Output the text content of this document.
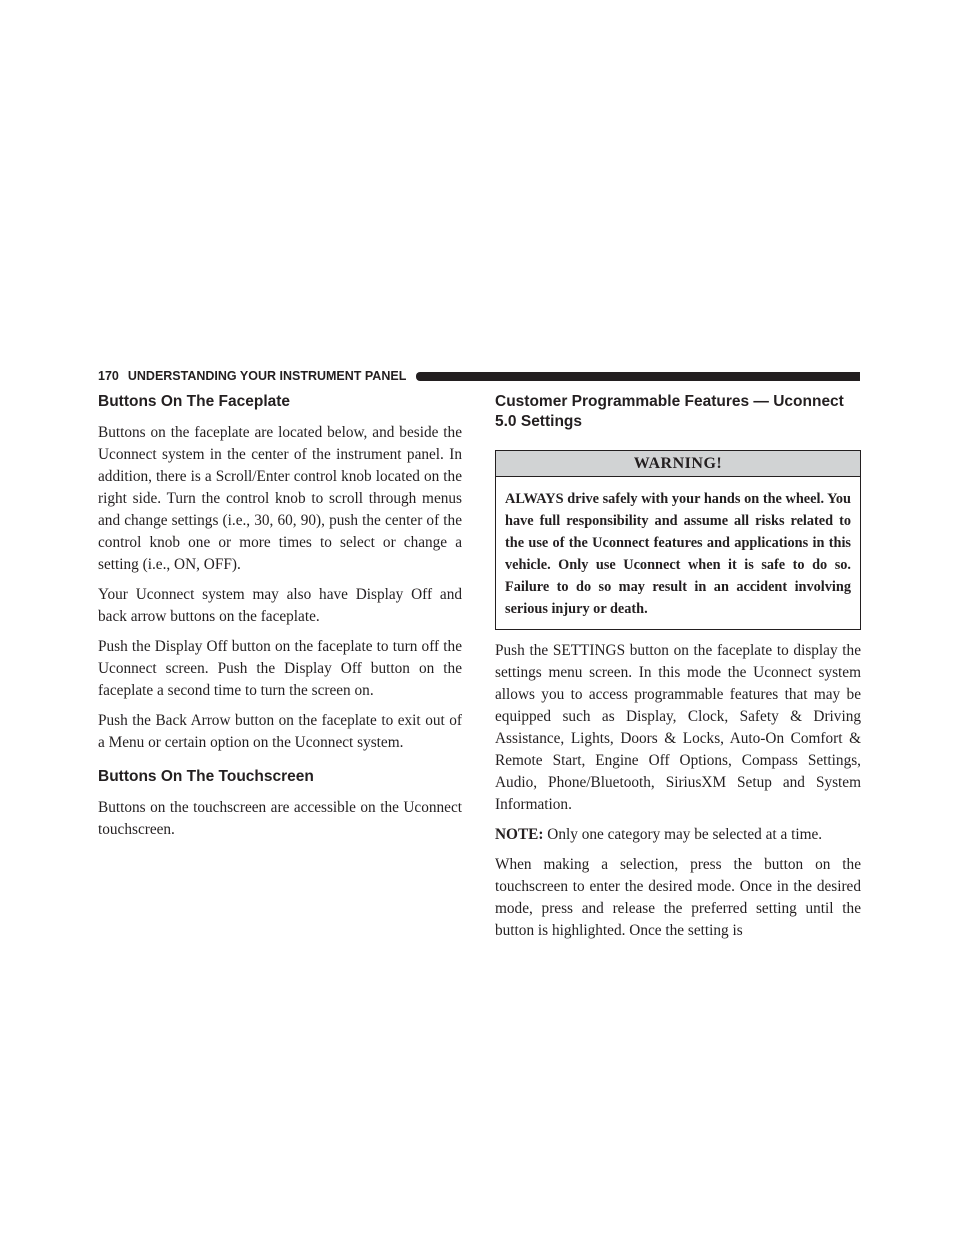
170 UNDERSTANDING YOUR INSTRUMENT PANEL
Buttons On The Faceplate

Buttons on the faceplate are located below, and beside the Uconnect system in the center of the instrument panel. In addition, there is a Scroll/Enter control knob located on the right side. Turn the control knob to scroll through menus and change settings (i.e., 30, 60, 90), push the center of the control knob one or more times to select or change a setting (i.e., ON, OFF).

Your Uconnect system may also have Display Off and back arrow buttons on the faceplate.

Push the Display Off button on the faceplate to turn off the Uconnect screen. Push the Display Off button on the faceplate a second time to turn the screen on.

Push the Back Arrow button on the faceplate to exit out of a Menu or certain option on the Uconnect system.

Buttons On The Touchscreen

Buttons on the touchscreen are accessible on the Uconnect touchscreen.

Customer Programmable Features — Uconnect 5.0 Settings
WARNING!
ALWAYS drive safely with your hands on the wheel. You have full responsibility and assume all risks related to the use of the Uconnect features and applications in this vehicle. Only use Uconnect when it is safe to do so. Failure to do so may result in an accident involving serious injury or death.

Push the SETTINGS button on the faceplate to display the settings menu screen. In this mode the Uconnect system allows you to access programmable features that may be equipped such as Display, Clock, Safety & Driving Assistance, Lights, Doors & Locks, Auto-On Comfort & Remote Start, Engine Off Options, Compass Settings, Audio, Phone/Bluetooth, SiriusXM Setup and System Information.

NOTE: Only one category may be selected at a time.

When making a selection, press the button on the touchscreen to enter the desired mode. Once in the desired mode, press and release the preferred setting until the button is highlighted. Once the setting is
